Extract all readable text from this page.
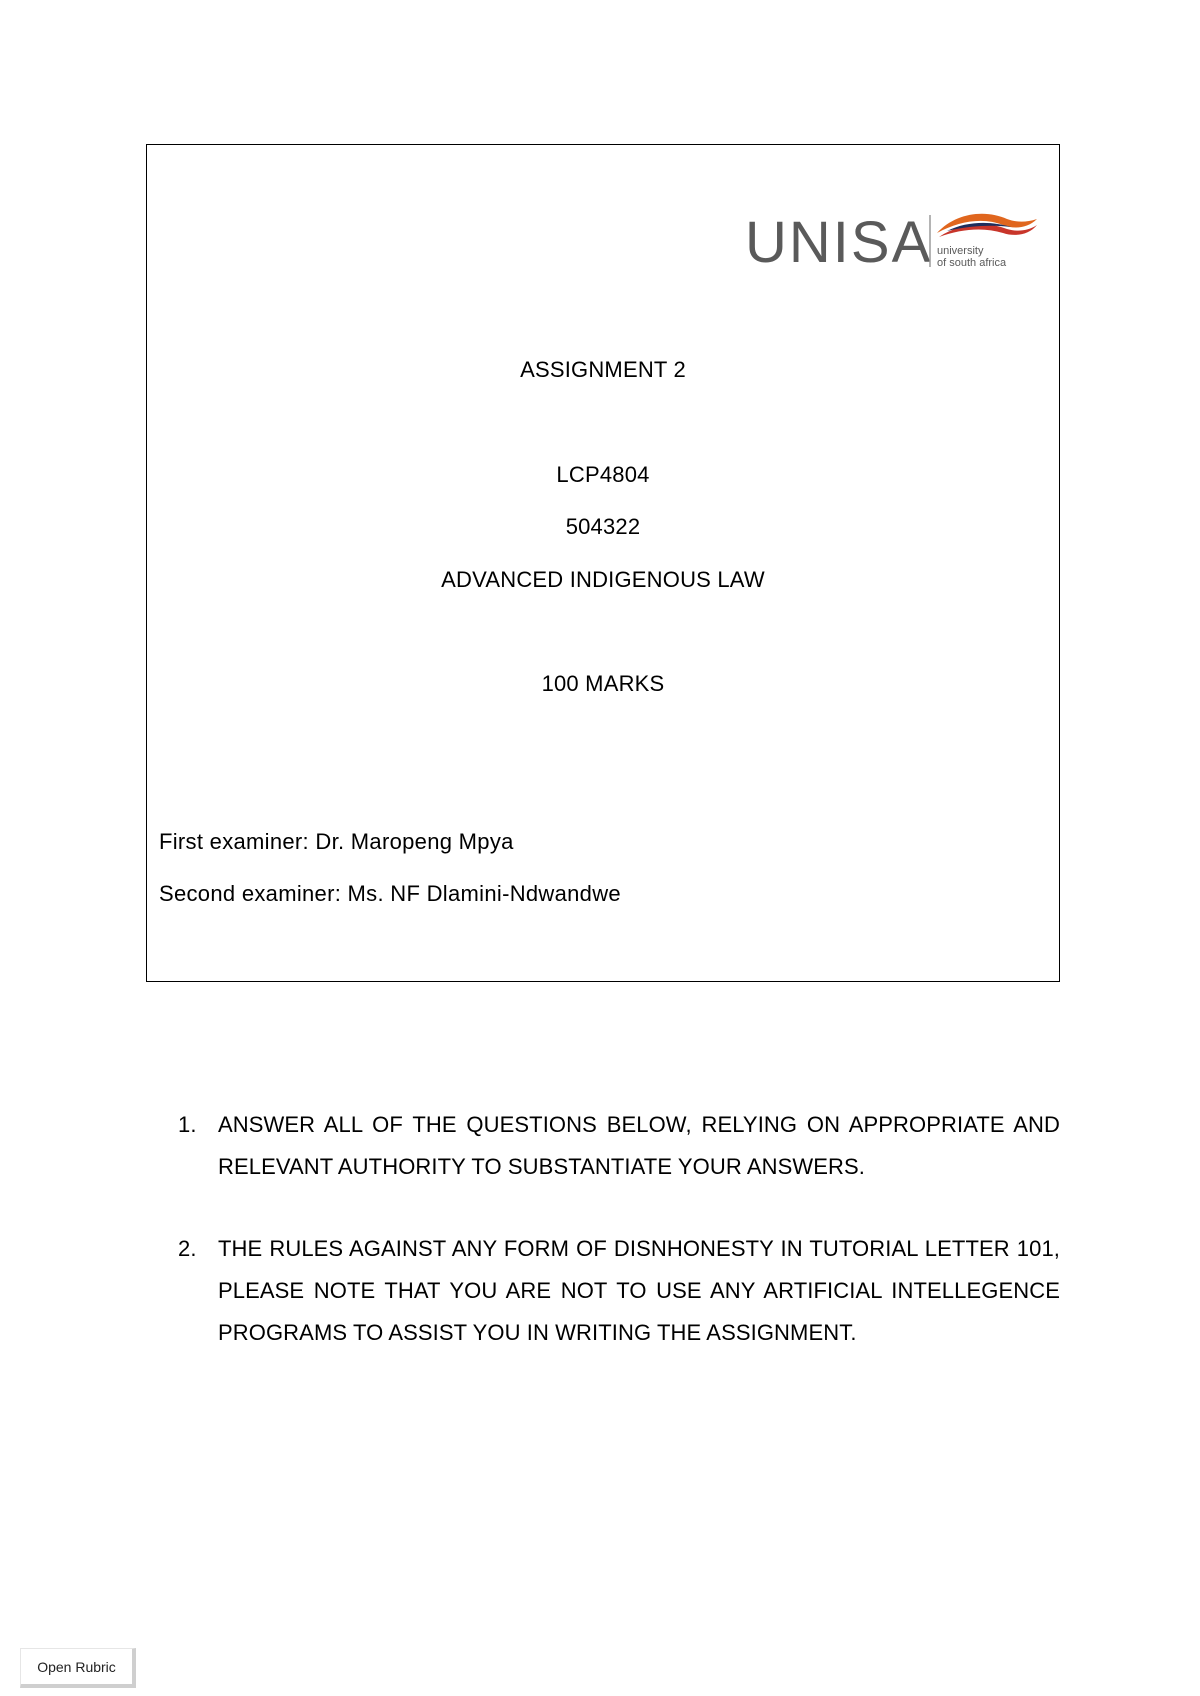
UNISA university
of south africa
ASSIGNMENT 2
LCP4804
504322
ADVANCED INDIGENOUS LAW
100 MARKS
First examiner: Dr. Maropeng Mpya
Second examiner: Ms. NF Dlamini-Ndwandwe
1. ANSWER ALL OF THE QUESTIONS BELOW, RELYING ON APPROPRIATE AND RELEVANT AUTHORITY TO SUBSTANTIATE YOUR ANSWERS.
2. THE RULES AGAINST ANY FORM OF DISNHONESTY IN TUTORIAL LETTER 101, PLEASE NOTE THAT YOU ARE NOT TO USE ANY ARTIFICIAL INTELLEGENCE PROGRAMS TO ASSIST YOU IN WRITING THE ASSIGNMENT.
Open Rubric
